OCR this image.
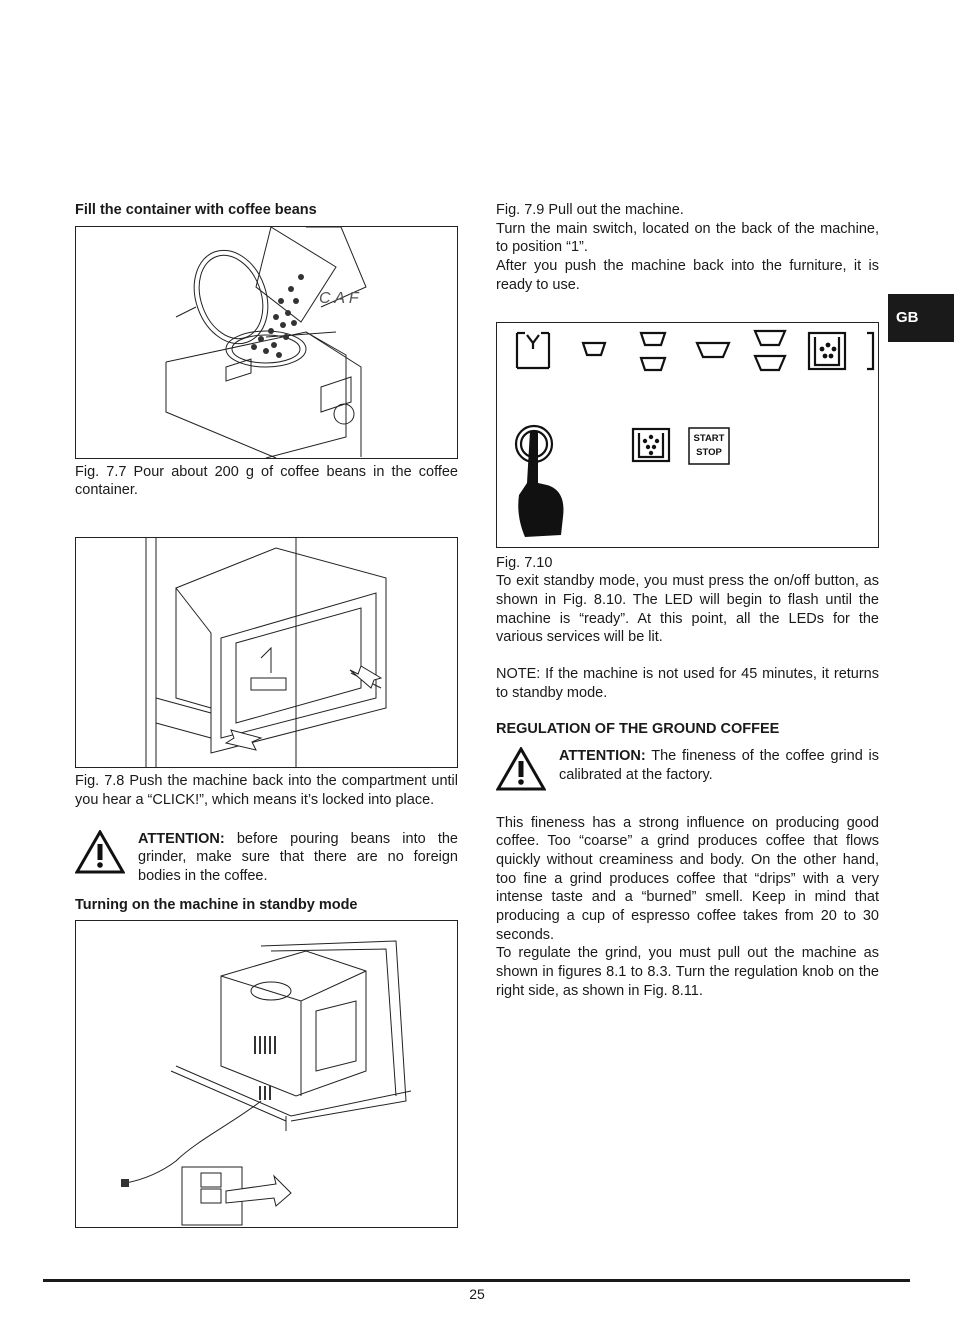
GB
Fill the container with coffee beans
C A F
Fig. 7.7 Pour about 200 g of coffee beans in the coffee container.
Fig. 7.8 Push the machine back into the compartment until you hear a “CLICK!”, which means it’s locked into place.

ATTENTION: before pouring beans into the grinder, make sure that there are no foreign bodies in the coffee.

Turning on the machine in standby mode

Fig. 7.9 Pull out the machine.

Turn the main switch, located on the back of the machine, to position “1”.

After you push the machine back into the furniture, it is ready to use.

START
STOP

Fig. 7.10

To exit standby mode, you must press the on/off button, as shown in Fig. 8.10. The LED will begin to flash until the machine is “ready”. At this point, all the LEDs for the various services will be lit.

NOTE: If the machine is not used for 45 minutes, it returns to standby mode.

REGULATION OF THE GROUND COFFEE

ATTENTION: The fineness of the coffee grind is calibrated at the factory.

This fineness has a strong influence on producing good coffee. Too “coarse” a grind produces coffee that flows quickly without creaminess and body. On the other hand, too fine a grind produces coffee that “drips” with a very intense taste and a “burned” smell. Keep in mind that producing a cup of espresso coffee takes from 20 to 30 seconds.

To regulate the grind, you must pull out the machine as shown in figures 8.1 to 8.3. Turn the regulation knob on the right side, as shown in Fig. 8.11.

25
